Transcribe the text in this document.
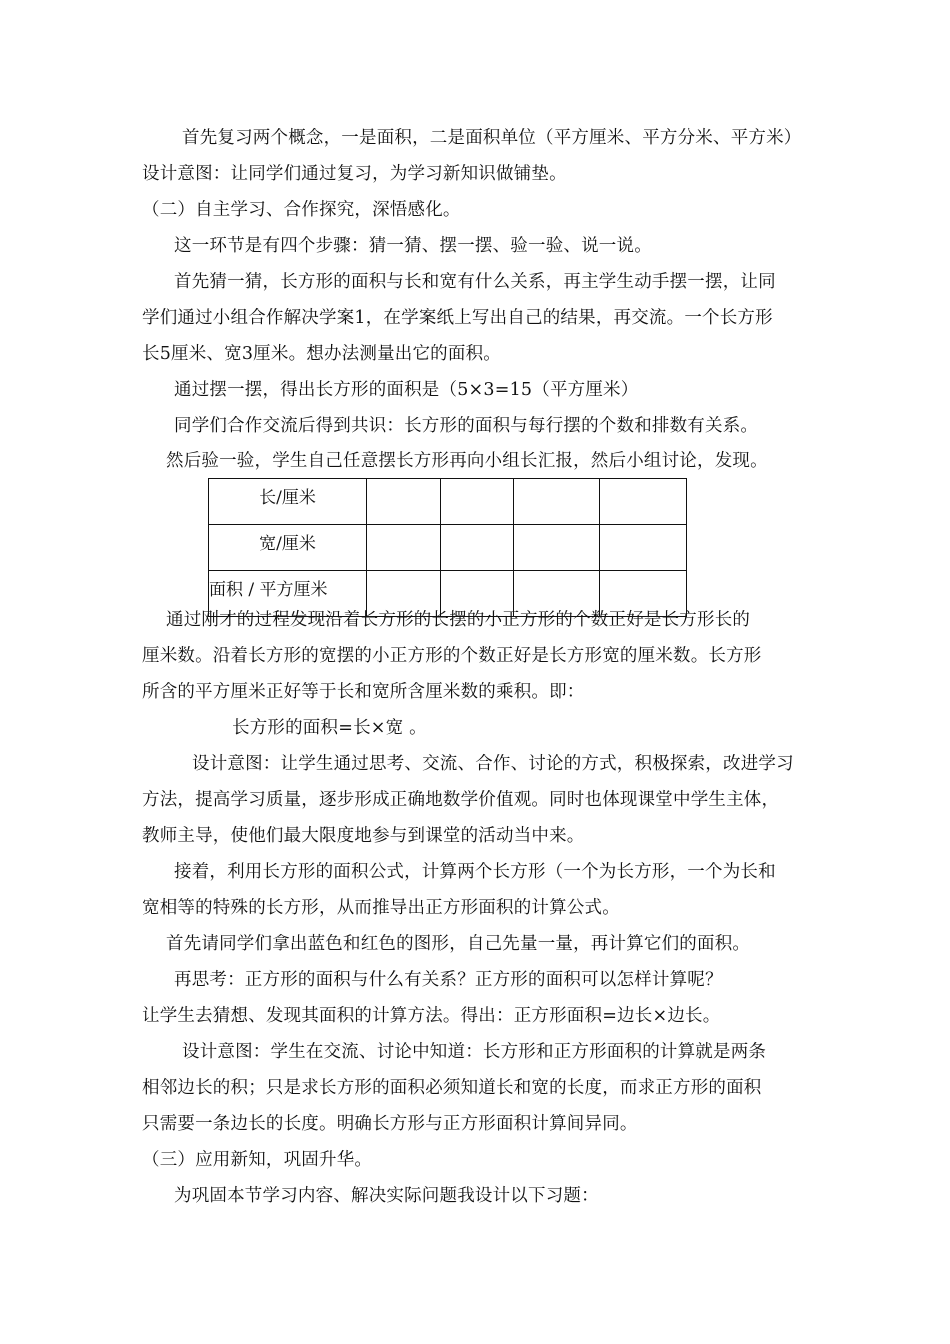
首先复习两个概念，一是面积，二是面积单位（平方厘米、平方分米、平方米）
设计意图：让同学们通过复习，为学习新知识做铺垫。
（二）自主学习、合作探究，深悟感化。
这一环节是有四个步骤：猜一猜、摆一摆、验一验、说一说。
首先猜一猜，长方形的面积与长和宽有什么关系，再主学生动手摆一摆，让同
学们通过小组合作解决学案1，在学案纸上写出自己的结果，再交流。一个长方形
长5厘米、宽3厘米。想办法测量出它的面积。
通过摆一摆，得出长方形的面积是（5×3=15（平方厘米）
同学们合作交流后得到共识：长方形的面积与每行摆的个数和排数有关系。
然后验一验，学生自己任意摆长方形再向小组长汇报，然后小组讨论，发现。
长/厘米				
宽/厘米				
面积 / 平方厘米				
通过刚才的过程发现沿着长方形的长摆的小正方形的个数正好是长方形长的
厘米数。沿着长方形的宽摆的小正方形的个数正好是长方形宽的厘米数。长方形
所含的平方厘米正好等于长和宽所含厘米数的乘积。即：
长方形的面积=长×宽 。
设计意图：让学生通过思考、交流、合作、讨论的方式，积极探索，改进学习
方法，提高学习质量，逐步形成正确地数学价值观。同时也体现课堂中学生主体，
教师主导，使他们最大限度地参与到课堂的活动当中来。
接着，利用长方形的面积公式，计算两个长方形（一个为长方形，一个为长和
宽相等的特殊的长方形，从而推导出正方形面积的计算公式。
首先请同学们拿出蓝色和红色的图形，自己先量一量，再计算它们的面积。
再思考：正方形的面积与什么有关系？正方形的面积可以怎样计算呢？
让学生去猜想、发现其面积的计算方法。得出：正方形面积=边长×边长。
设计意图：学生在交流、讨论中知道：长方形和正方形面积的计算就是两条
相邻边长的积；只是求长方形的面积必须知道长和宽的长度，而求正方形的面积
只需要一条边长的长度。明确长方形与正方形面积计算间异同。
（三）应用新知，巩固升华。
为巩固本节学习内容、解决实际问题我设计以下习题：
